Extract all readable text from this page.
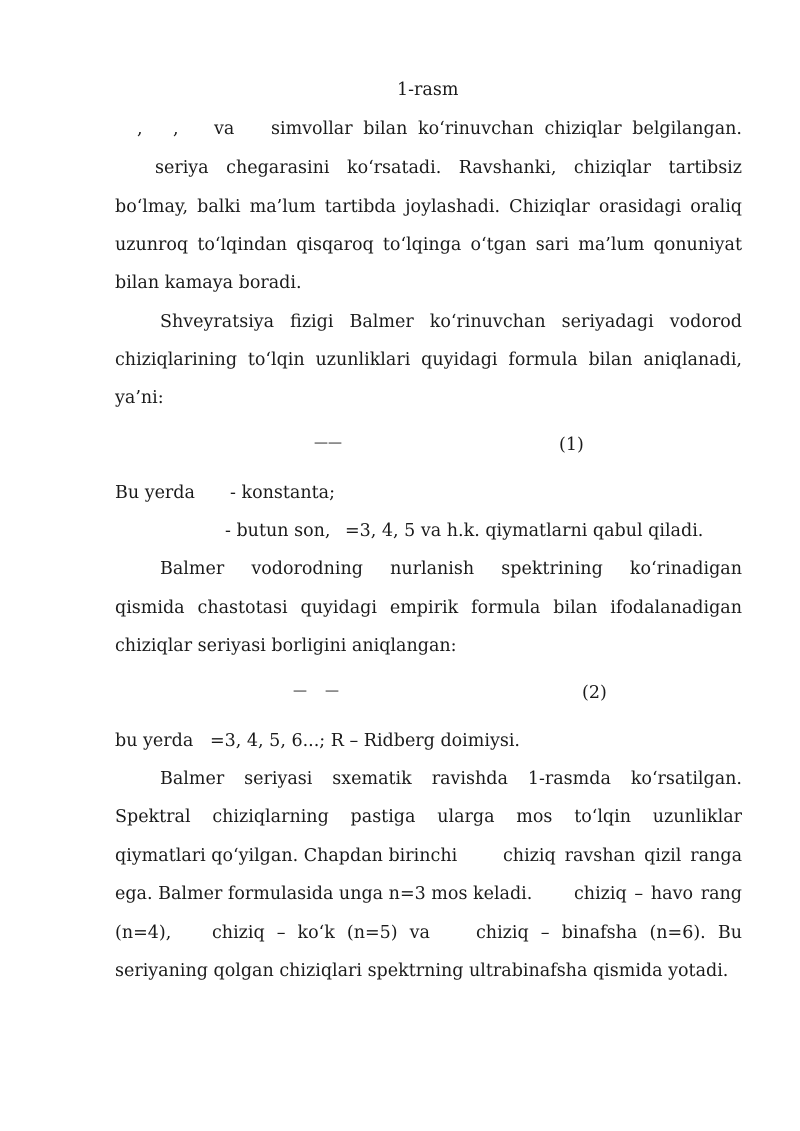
1-rasm
, , va simvollar bilan ko‘rinuvchan chiziqlar belgilangan.
seriya chegarasini ko‘rsatadi. Ravshanki, chiziqlar tartibsiz
bo‘lmay, balki ma’lum tartibda joylashadi. Chiziqlar orasidagi oraliq
uzunroq to‘lqindan qisqaroq to‘lqinga o‘tgan sari ma’lum qonuniyat
bilan kamaya boradi.
Shveyratsiya fizigi Balmer ko‘rinuvchan seriyadagi vodorod
chiziqlarining to‘lqin uzunliklari quyidagi formula bilan aniqlanadi,
ya’ni:
——	(1)
Bu yerda - konstanta;
- butun son, =3, 4, 5 va h.k. qiymatlarni qabul qiladi.
Balmer vodorodning nurlanish spektrining ko‘rinadigan
qismida chastotasi quyidagi empirik formula bilan ifodalanadigan
chiziqlar seriyasi borligini aniqlangan:
— —	(2)
bu yerda =3, 4, 5, 6...; R – Ridberg doimiysi.
Balmer seriyasi sxematik ravishda 1-rasmda ko‘rsatilgan.
Spektral chiziqlarning pastiga ularga mos to‘lqin uzunliklar
qiymatlari qo‘yilgan. Chapdan birinchi	chiziq ravshan qizil ranga
ega. Balmer formulasida unga n=3 mos keladi. chiziq – havo rang
(n=4), chiziq – ko‘k (n=5) va	chiziq – binafsha (n=6). Bu
seriyaning qolgan chiziqlari spektrning ultrabinafsha qismida yotadi.
